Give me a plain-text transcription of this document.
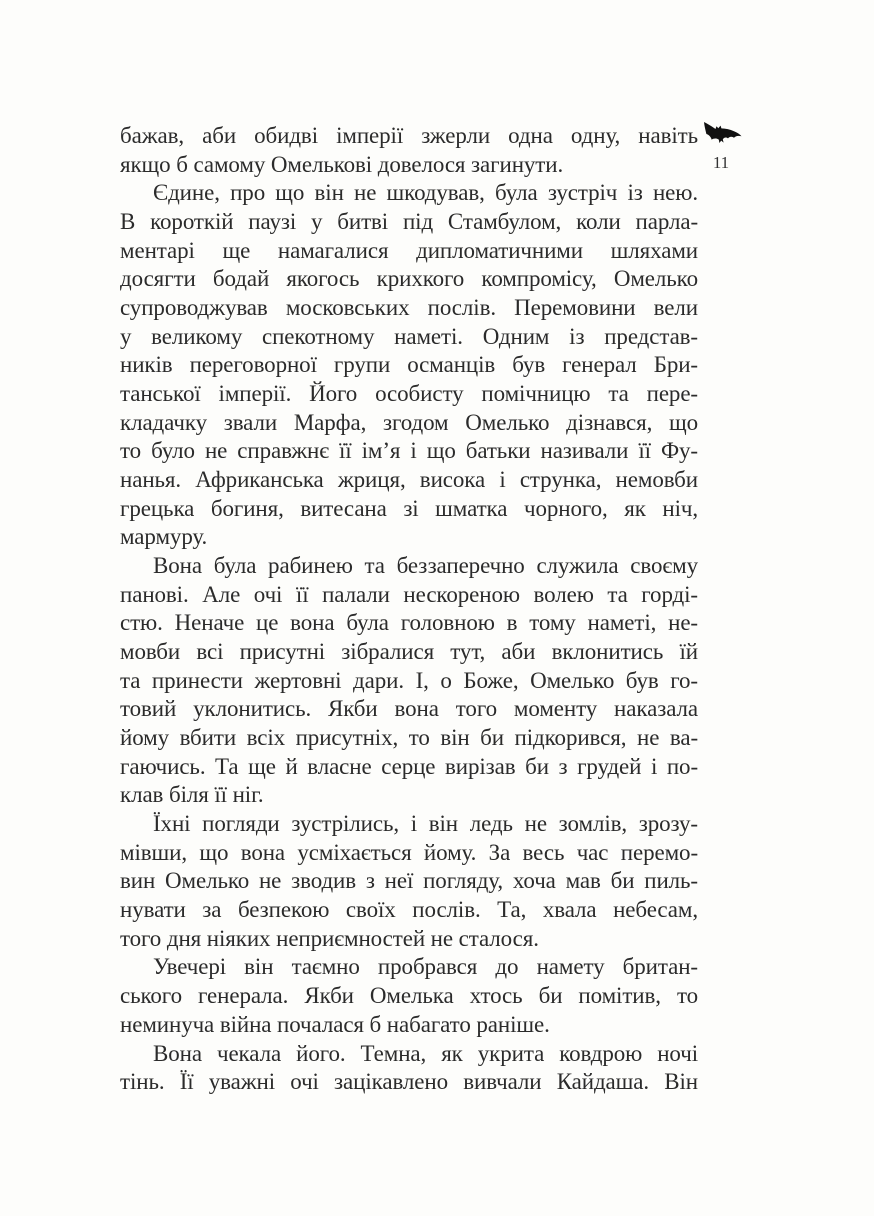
бажав, аби обидві імперії зжерли одна одну, навіть
якщо б самому Омелькові довелося загинути.
Єдине, про що він не шкодував, була зустріч із нею.
В короткій паузі у битві під Стамбулом, коли парла-
ментарі ще намагалися дипломатичними шляхами
досягти бодай якогось крихкого компромісу, Омелько
супроводжував московських послів. Перемовини вели
у великому спекотному наметі. Одним із представ-
ників переговорної групи османців був генерал Бри-
танської імперії. Його особисту помічницю та пере-
кладачку звали Марфа, згодом Омелько дізнався, що
то було не справжнє її ім’я і що батьки називали її Фу-
нанья. Африканська жриця, висока і струнка, немовби
грецька богиня, витесана зі шматка чорного, як ніч,
мармуру.
Вона була рабинею та беззаперечно служила своєму
панові. Але очі її палали нескореною волею та горді-
стю. Неначе це вона була головною в тому наметі, не-
мовби всі присутні зібралися тут, аби вклонитись їй
та принести жертовні дари. І, о Боже, Омелько був го-
товий уклонитись. Якби вона того моменту наказала
йому вбити всіх присутніх, то він би підкорився, не ва-
гаючись. Та ще й власне серце вирізав би з грудей і по-
клав біля її ніг.
Їхні погляди зустрілись, і він ледь не зомлів, зрозу-
мівши, що вона усміхається йому. За весь час перемо-
вин Омелько не зводив з неї погляду, хоча мав би пиль-
нувати за безпекою своїх послів. Та, хвала небесам,
того дня ніяких неприємностей не сталося.
Увечері він таємно пробрався до намету британ-
ського генерала. Якби Омелька хтось би помітив, то
неминуча війна почалася б набагато раніше.
Вона чекала його. Темна, як укрита ковдрою ночі
тінь. Її уважні очі зацікавлено вивчали Кайдаша. Він
11
